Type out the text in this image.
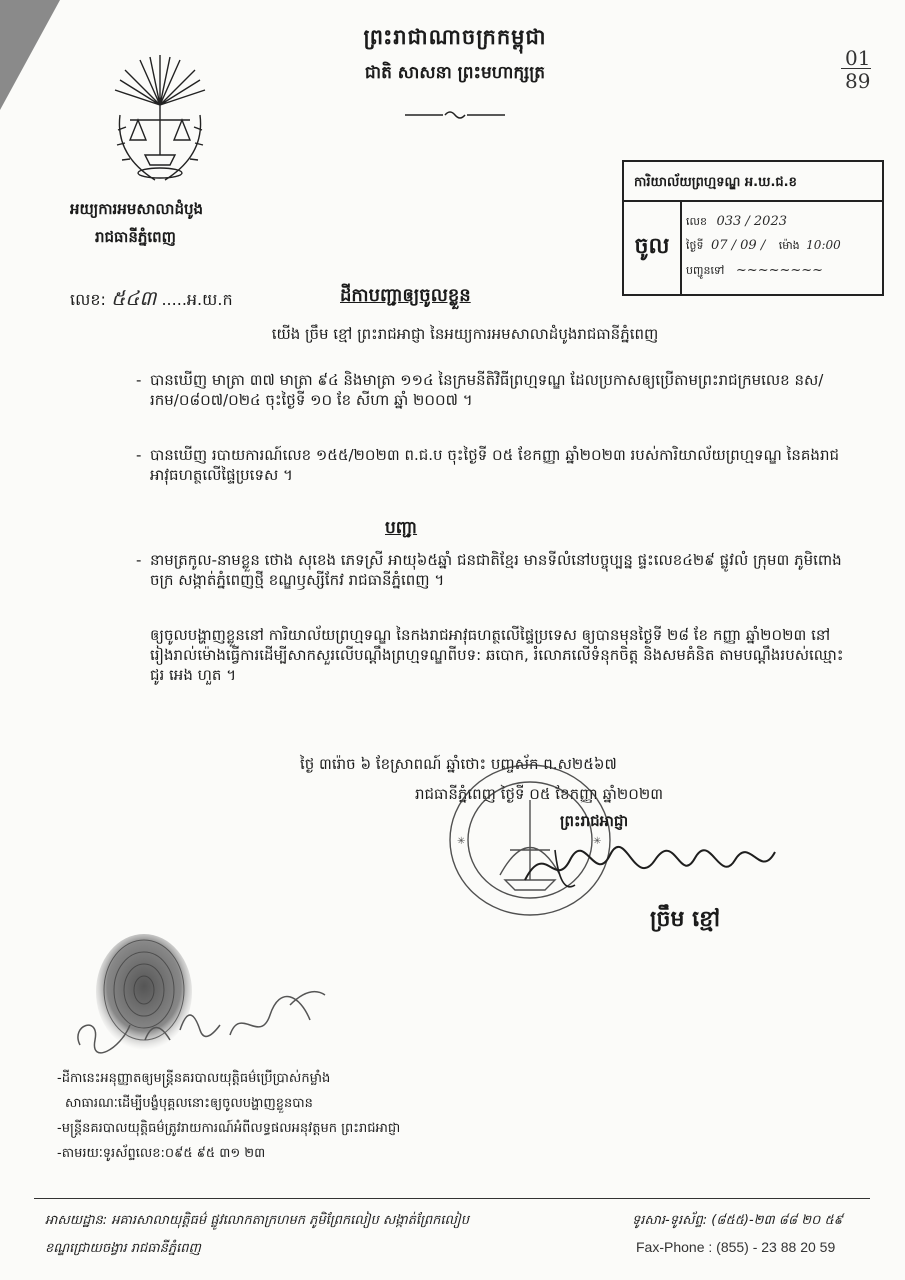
ព្រះរាជាណាចក្រកម្ពុជា
ជាតិ សាសនា ព្រះមហាក្សត្រ
01
89
អយ្យការអមសាលាដំបូង
រាជធានីភ្នំពេញ
ការិយាល័យព្រហ្មទណ្ឌ អ.ឃ.ជ.ខ
ចូល
លេខ 033 / 2023
ថ្ងៃទី 07 / 09 / ម៉ោង 10:00
បញ្ជូនទៅ ~~~~~~~~
លេខ: ៥៤៣ .....អ.យ.ក	ដីកាបញ្ជាឲ្យចូលខ្លួន
យើង ច្រឹម ខ្មៅ ព្រះរាជអាជ្ញា នៃអយ្យការអមសាលាដំបូងរាជធានីភ្នំពេញ
- បានឃើញ មាត្រា ៣៧ មាត្រា ៩៤ និងមាត្រា ១១៤ នៃក្រមនីតិវិធីព្រហ្មទណ្ឌ ដែលប្រកាសឲ្យប្រើតាមព្រះរាជក្រមលេខ នស/រកម/០៨០៧/០២៤ ចុះថ្ងៃទី ១០ ខែ សីហា ឆ្នាំ ២០០៧ ។
- បានឃើញ របាយការណ៍លេខ ១៥៥/២០២៣ ព.ជ.ប ចុះថ្ងៃទី ០៥ ខែកញ្ញា ឆ្នាំ២០២៣ របស់ការិយាល័យព្រហ្មទណ្ឌ នៃគងរាជអាវុធហត្ថលើផ្ទៃប្រទេស ។
បញ្ជា
- នាមត្រកូល-នាមខ្លួន ថោង សុខេង ភេទស្រី អាយុ៦៥ឆ្នាំ ជនជាតិខ្មែរ មានទីលំនៅបច្ចុប្បន្ន ផ្ទះលេខ៤២៩ ផ្លូវលំ ក្រុម៣ ភូមិពោងចក្រ សង្កាត់ភ្នំពេញថ្មី ខណ្ឌឫស្សីកែវ រាជធានីភ្នំពេញ ។
ឲ្យចូលបង្ហាញខ្លួននៅ ការិយាល័យព្រហ្មទណ្ឌ នៃកងរាជអាវុធហត្ថលើផ្ទៃប្រទេស ឲ្យបានមុនថ្ងៃទី ២៨ ខែ កញ្ញា ឆ្នាំ២០២៣ នៅរៀងរាល់ម៉ោងធ្វើការដើម្បីសាកសួរលើបណ្តឹងព្រហ្មទណ្ឌពីបទ: ឆបោក, រំលោភលើទំនុកចិត្ត និងសមគំនិត តាមបណ្តឹងរបស់ឈ្មោះ ជូរ អេង ហួត ។
ថ្ងៃ ៣រ៉ោច ៦ ខែស្រាពណ៍ ឆ្នាំថោះ បញ្ចស័ក ព.ស២៥៦៧
រាជធានីភ្នំពេញ ថ្ងៃទី ០៥ ខែកញ្ញា ឆ្នាំ២០២៣
✳	✳
ព្រះរាជអាជ្ញា
ច្រឹម ខ្មៅ
-ដីកានេះអនុញ្ញាតឲ្យមន្ត្រីនគរបាលយុត្តិធម៌ប្រើប្រាស់កម្លាំង
សាធារណៈដើម្បីបង្ខំបុគ្គលនោះឲ្យចូលបង្ហាញខ្លួនបាន
-មន្ត្រីនគរបាលយុត្តិធម៌ត្រូវរាយការណ៍អំពីលទ្ធផលអនុវត្តមក ព្រះរាជអាជ្ញា
-តាមរយៈទូរស័ព្ទលេខ:០៩៥ ៩៥ ៣១ ២៣
អាសយដ្ឋាន: អគារសាលាយុត្តិធម៌ ផ្លូវលោកតាក្រហមក ភូមិព្រែកលៀប សង្កាត់ព្រែកលៀប
ខណ្ឌជ្រោយចង្វារ រាជធានីភ្នំពេញ
ទូរសារ-ទូរស័ព្ទ: (៨៥៥)-២៣ ៨៨ ២០ ៥៩
Fax-Phone : (855) - 23 88 20 59
